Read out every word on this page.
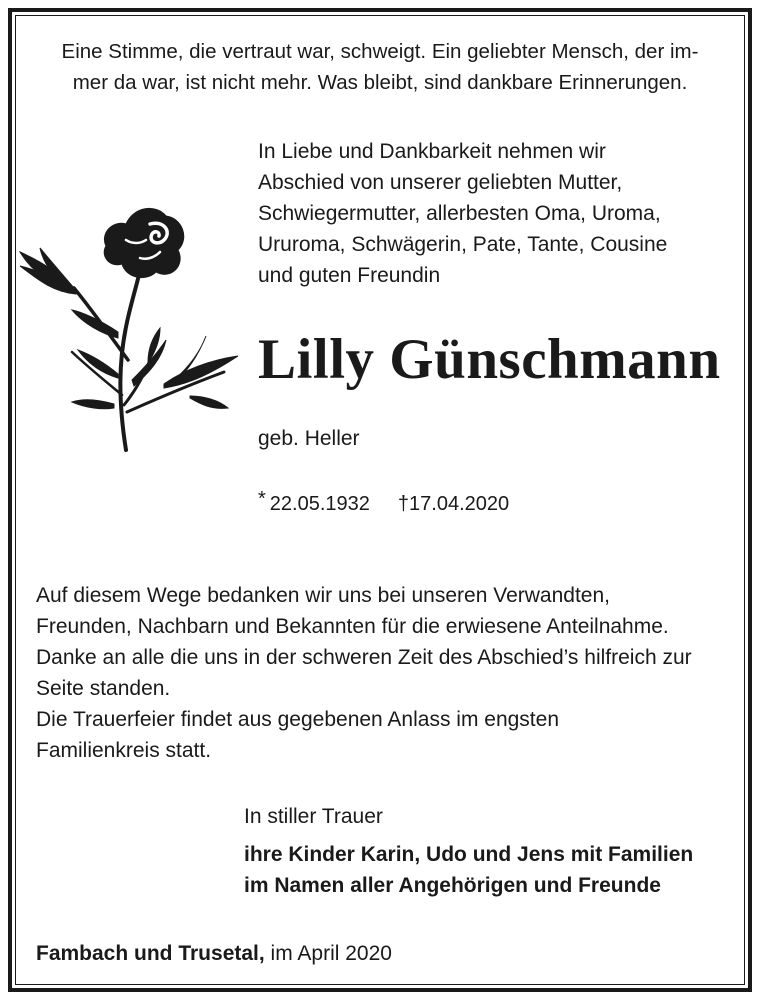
Eine Stimme, die vertraut war, schweigt. Ein geliebter Mensch, der im-
mer da war, ist nicht mehr. Was bleibt, sind dankbare Erinnerungen.
In Liebe und Dankbarkeit nehmen wir
Abschied von unserer geliebten Mutter,
Schwiegermutter, allerbesten Oma, Uroma,
Ururoma, Schwägerin, Pate, Tante, Cousine
und guten Freundin
Lilly Günschmann
geb. Heller
* 22.05.1932 †17.04.2020
Auf diesem Wege bedanken wir uns bei unseren Verwandten,
Freunden, Nachbarn und Bekannten für die erwiesene Anteilnahme.
Danke an alle die uns in der schweren Zeit des Abschied’s hilfreich zur
Seite standen.
Die Trauerfeier findet aus gegebenen Anlass im engsten
Familienkreis statt.
In stiller Trauer
ihre Kinder Karin, Udo und Jens mit Familien
im Namen aller Angehörigen und Freunde
Fambach und Trusetal, im April 2020
